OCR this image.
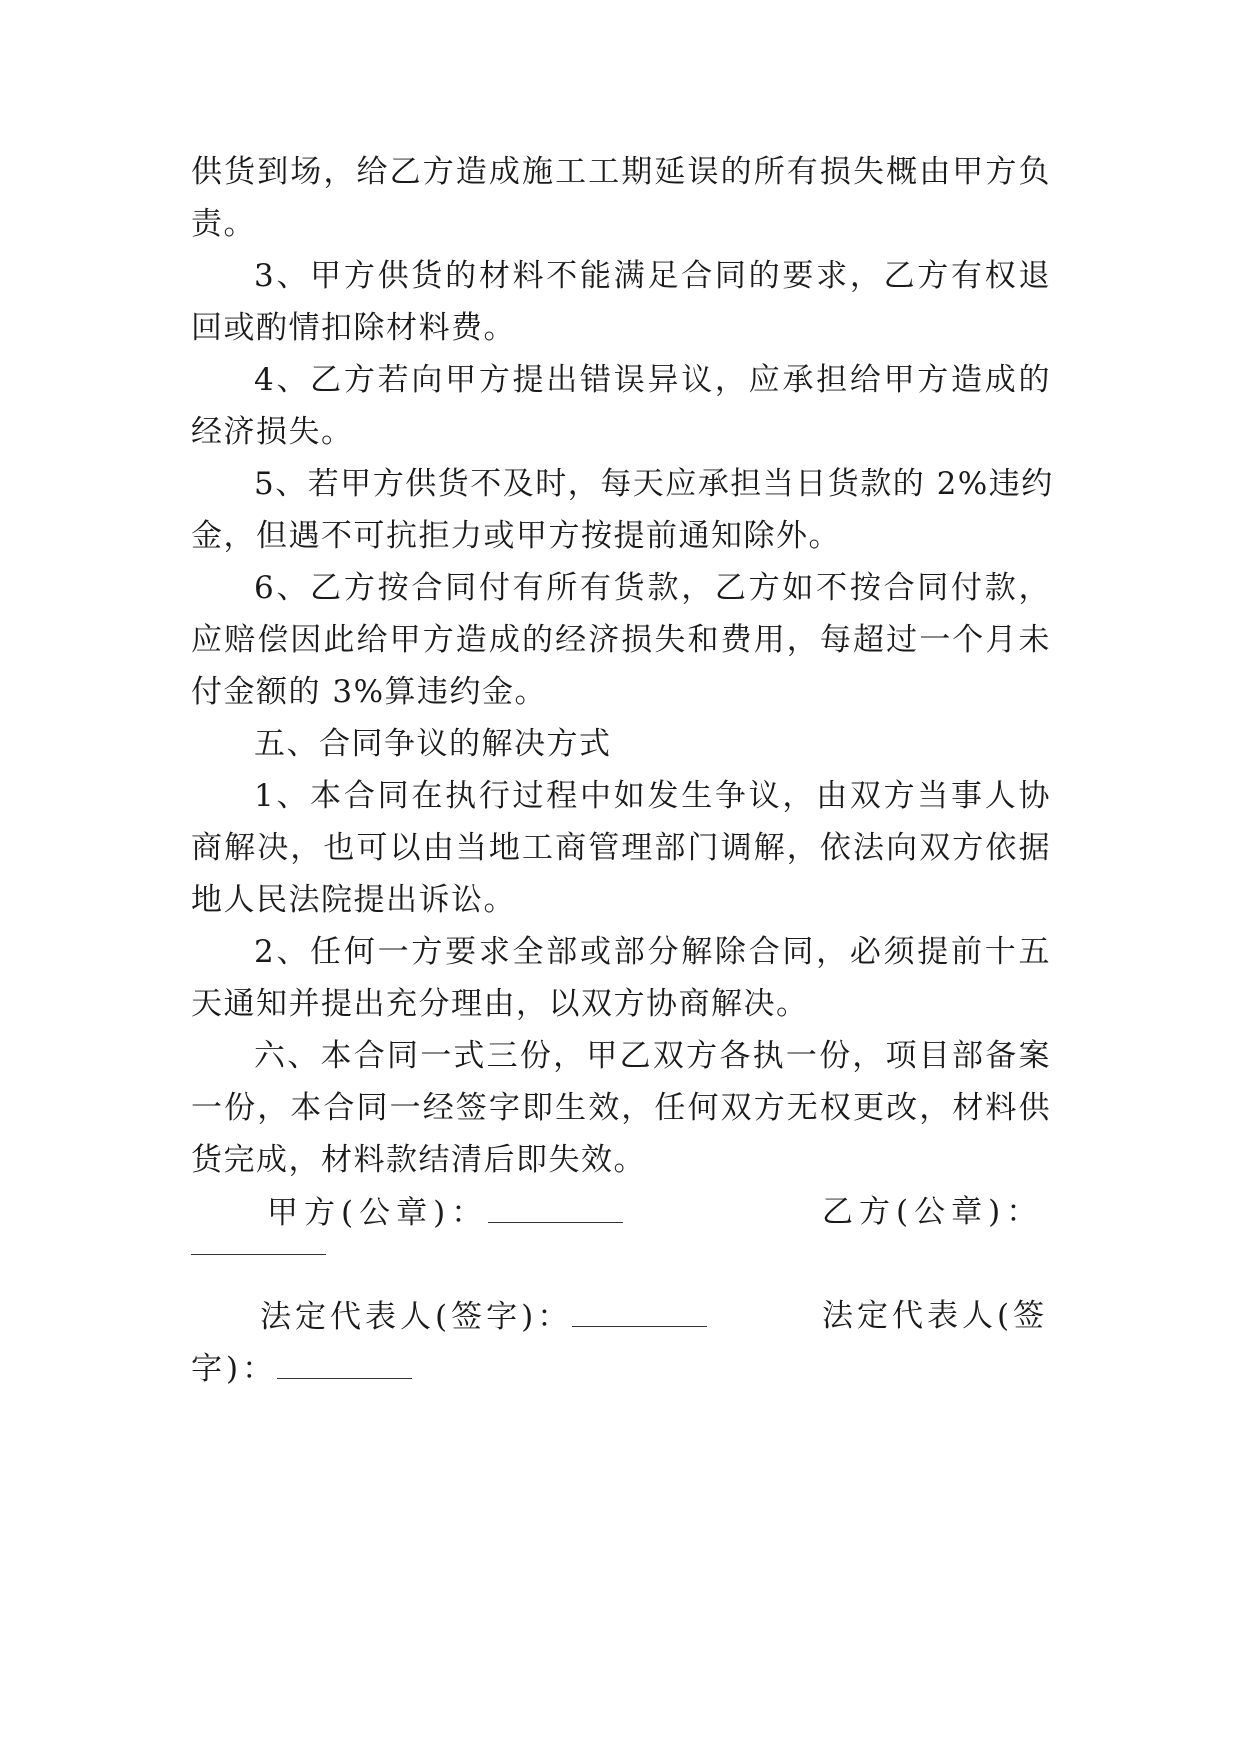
供货到场，给乙方造成施工工期延误的所有损失概由甲方负
责。
3、甲方供货的材料不能满足合同的要求，乙方有权退
回或酌情扣除材料费。
4、乙方若向甲方提出错误异议，应承担给甲方造成的
经济损失。
5、若甲方供货不及时，每天应承担当日货款的 2%违约
金，但遇不可抗拒力或甲方按提前通知除外。
6、乙方按合同付有所有货款，乙方如不按合同付款，
应赔偿因此给甲方造成的经济损失和费用，每超过一个月未
付金额的 3%算违约金。
五、合同争议的解决方式
1、本合同在执行过程中如发生争议，由双方当事人协
商解决，也可以由当地工商管理部门调解，依法向双方依据
地人民法院提出诉讼。
2、任何一方要求全部或部分解除合同，必须提前十五
天通知并提出充分理由，以双方协商解决。
六、本合同一式三份，甲乙双方各执一份，项目部备案
一份，本合同一经签字即生效，任何双方无权更改，材料供
货完成，材料款结清后即失效。
甲方(公章)：	乙方(公章)：
法定代表人(签字)：	法定代表人(签
字)：
